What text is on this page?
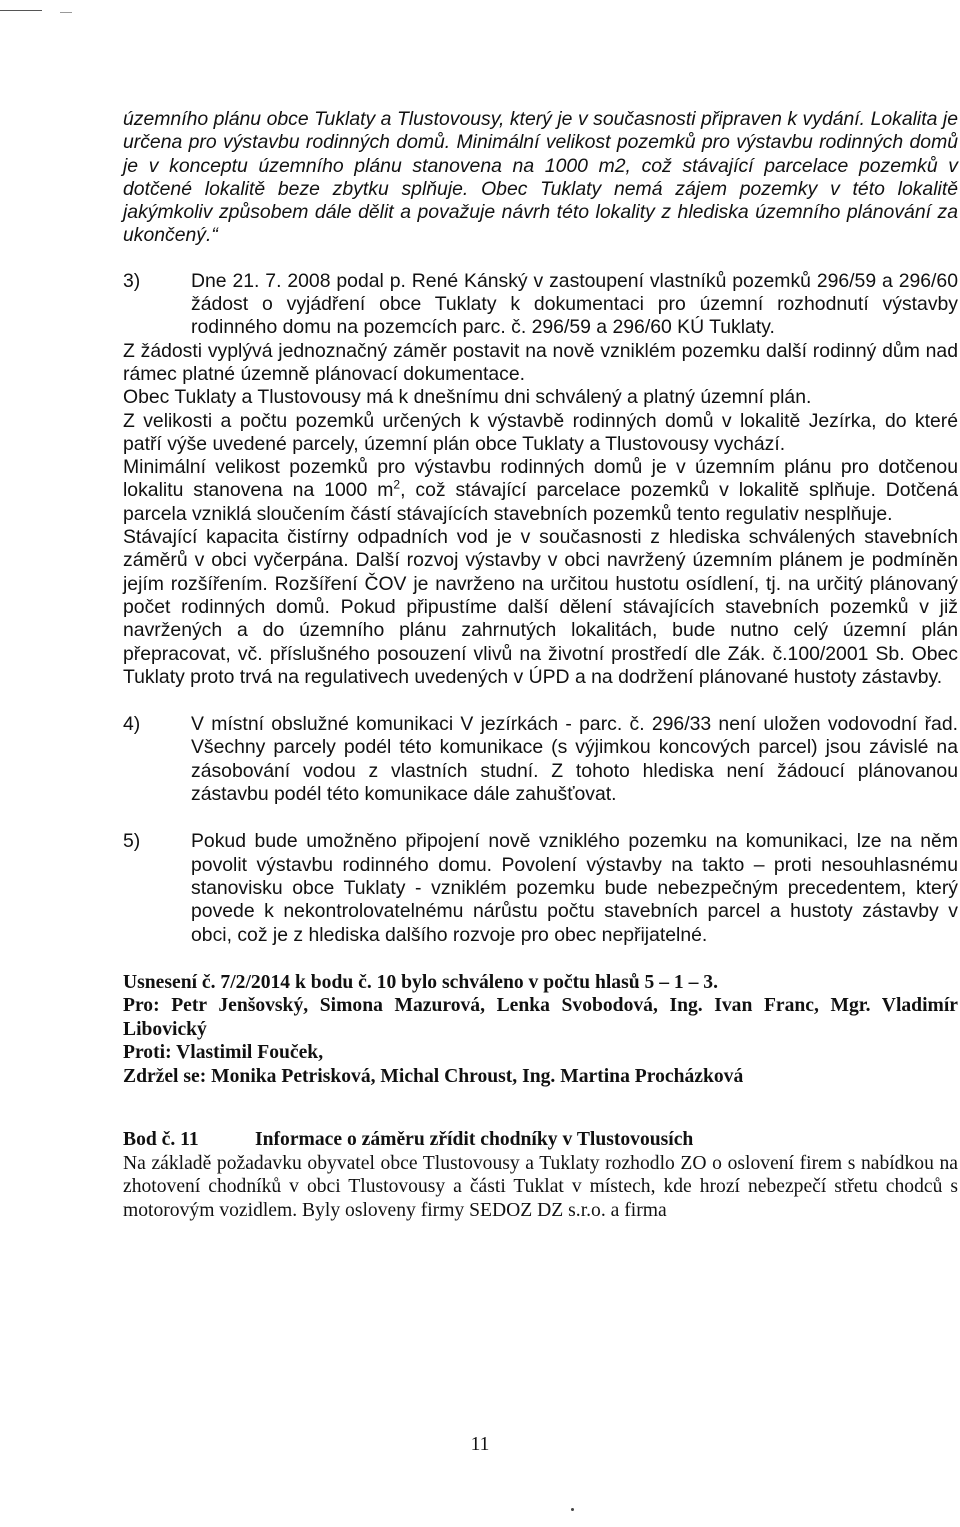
územního plánu obce Tuklaty a Tlustovousy, který je v současnosti připraven k vydání. Lokalita je určena pro výstavbu rodinných domů. Minimální velikost pozemků pro výstavbu rodinných domů je v konceptu územního plánu stanovena na 1000 m2, což stávající parcelace pozemků v dotčené lokalitě beze zbytku splňuje. Obec Tuklaty nemá zájem pozemky v této lokalitě jakýmkoliv způsobem dále dělit a považuje návrh této lokality z hlediska územního plánování za ukončený.“

3)	Dne 21. 7. 2008 podal p. René Kánský v zastoupení vlastníků pozemků 296/59 a 296/60 žádost o vyjádření obce Tuklaty k dokumentaci pro územní rozhodnutí výstavby rodinného domu na pozemcích parc. č. 296/59 a 296/60 KÚ Tuklaty.

Z žádosti vyplývá jednoznačný záměr postavit na nově vzniklém pozemku další rodinný dům nad rámec platné územně plánovací dokumentace.

Obec Tuklaty a Tlustovousy má k dnešnímu dni schválený a platný územní plán.

Z velikosti a počtu pozemků určených k výstavbě rodinných domů v lokalitě Jezírka, do které patří výše uvedené parcely, územní plán obce Tuklaty a Tlustovousy vychází.

Minimální velikost pozemků pro výstavbu rodinných domů je v územním plánu pro dotčenou lokalitu stanovena na 1000 $m^2$, což stávající parcelace pozemků v lokalitě splňuje. Dotčená parcela vzniklá sloučením částí stávajících stavebních pozemků tento regulativ nesplňuje.

Stávající kapacita čistírny odpadních vod je v současnosti z hlediska schválených stavebních záměrů v obci vyčerpána. Další rozvoj výstavby v obci navržený územním plánem je podmíněn jejím rozšířením. Rozšíření ČOV je navrženo na určitou hustotu osídlení, tj. na určitý plánovaný počet rodinných domů. Pokud připustíme další dělení stávajících stavebních pozemků v již navržených a do územního plánu zahrnutých lokalitách, bude nutno celý územní plán přepracovat, vč. příslušného posouzení vlivů na životní prostředí dle Zák. č.100/2001 Sb. Obec Tuklaty proto trvá na regulativech uvedených v ÚPD a na dodržení plánované hustoty zástavby.

4)	V místní obslužné komunikaci V jezírkách - parc. č. 296/33 není uložen vodovodní řad. Všechny parcely podél této komunikace (s výjimkou koncových parcel) jsou závislé na zásobování vodou z vlastních studní. Z tohoto hlediska není žádoucí plánovanou zástavbu podél této komunikace dále zahušťovat.
5)	Pokud bude umožněno připojení nově vzniklého pozemku na komunikaci, lze na něm povolit výstavbu rodinného domu. Povolení výstavby na takto – proti nesouhlasnému stanovisku obce Tuklaty - vzniklém pozemku bude nebezpečným precedentem, který povede k nekontrolovatelnému nárůstu počtu stavebních parcel a hustoty zástavby v obci, což je z hlediska dalšího rozvoje pro obec nepřijatelné.

Usnesení č. 7/2/2014 k bodu č. 10 bylo schváleno v počtu hlasů 5 – 1 – 3.

Pro: Petr Jenšovský, Simona Mazurová, Lenka Svobodová, Ing. Ivan Franc, Mgr. Vladimír Libovický

Proti: Vlastimil Fouček,

Zdržel se: Monika Petrisková, Michal Chroust, Ing. Martina Procházková

Bod č. 11	Informace o záměru zřídit chodníky v Tlustovousích

Na základě požadavku obyvatel obce Tlustovousy a Tuklaty rozhodlo ZO o oslovení firem s nabídkou na zhotovení chodníků v obci Tlustovousy a části Tuklat v místech, kde hrozí nebezpečí střetu chodců s motorovým vozidlem. Byly osloveny firmy SEDOZ DZ s.r.o. a firma

11
